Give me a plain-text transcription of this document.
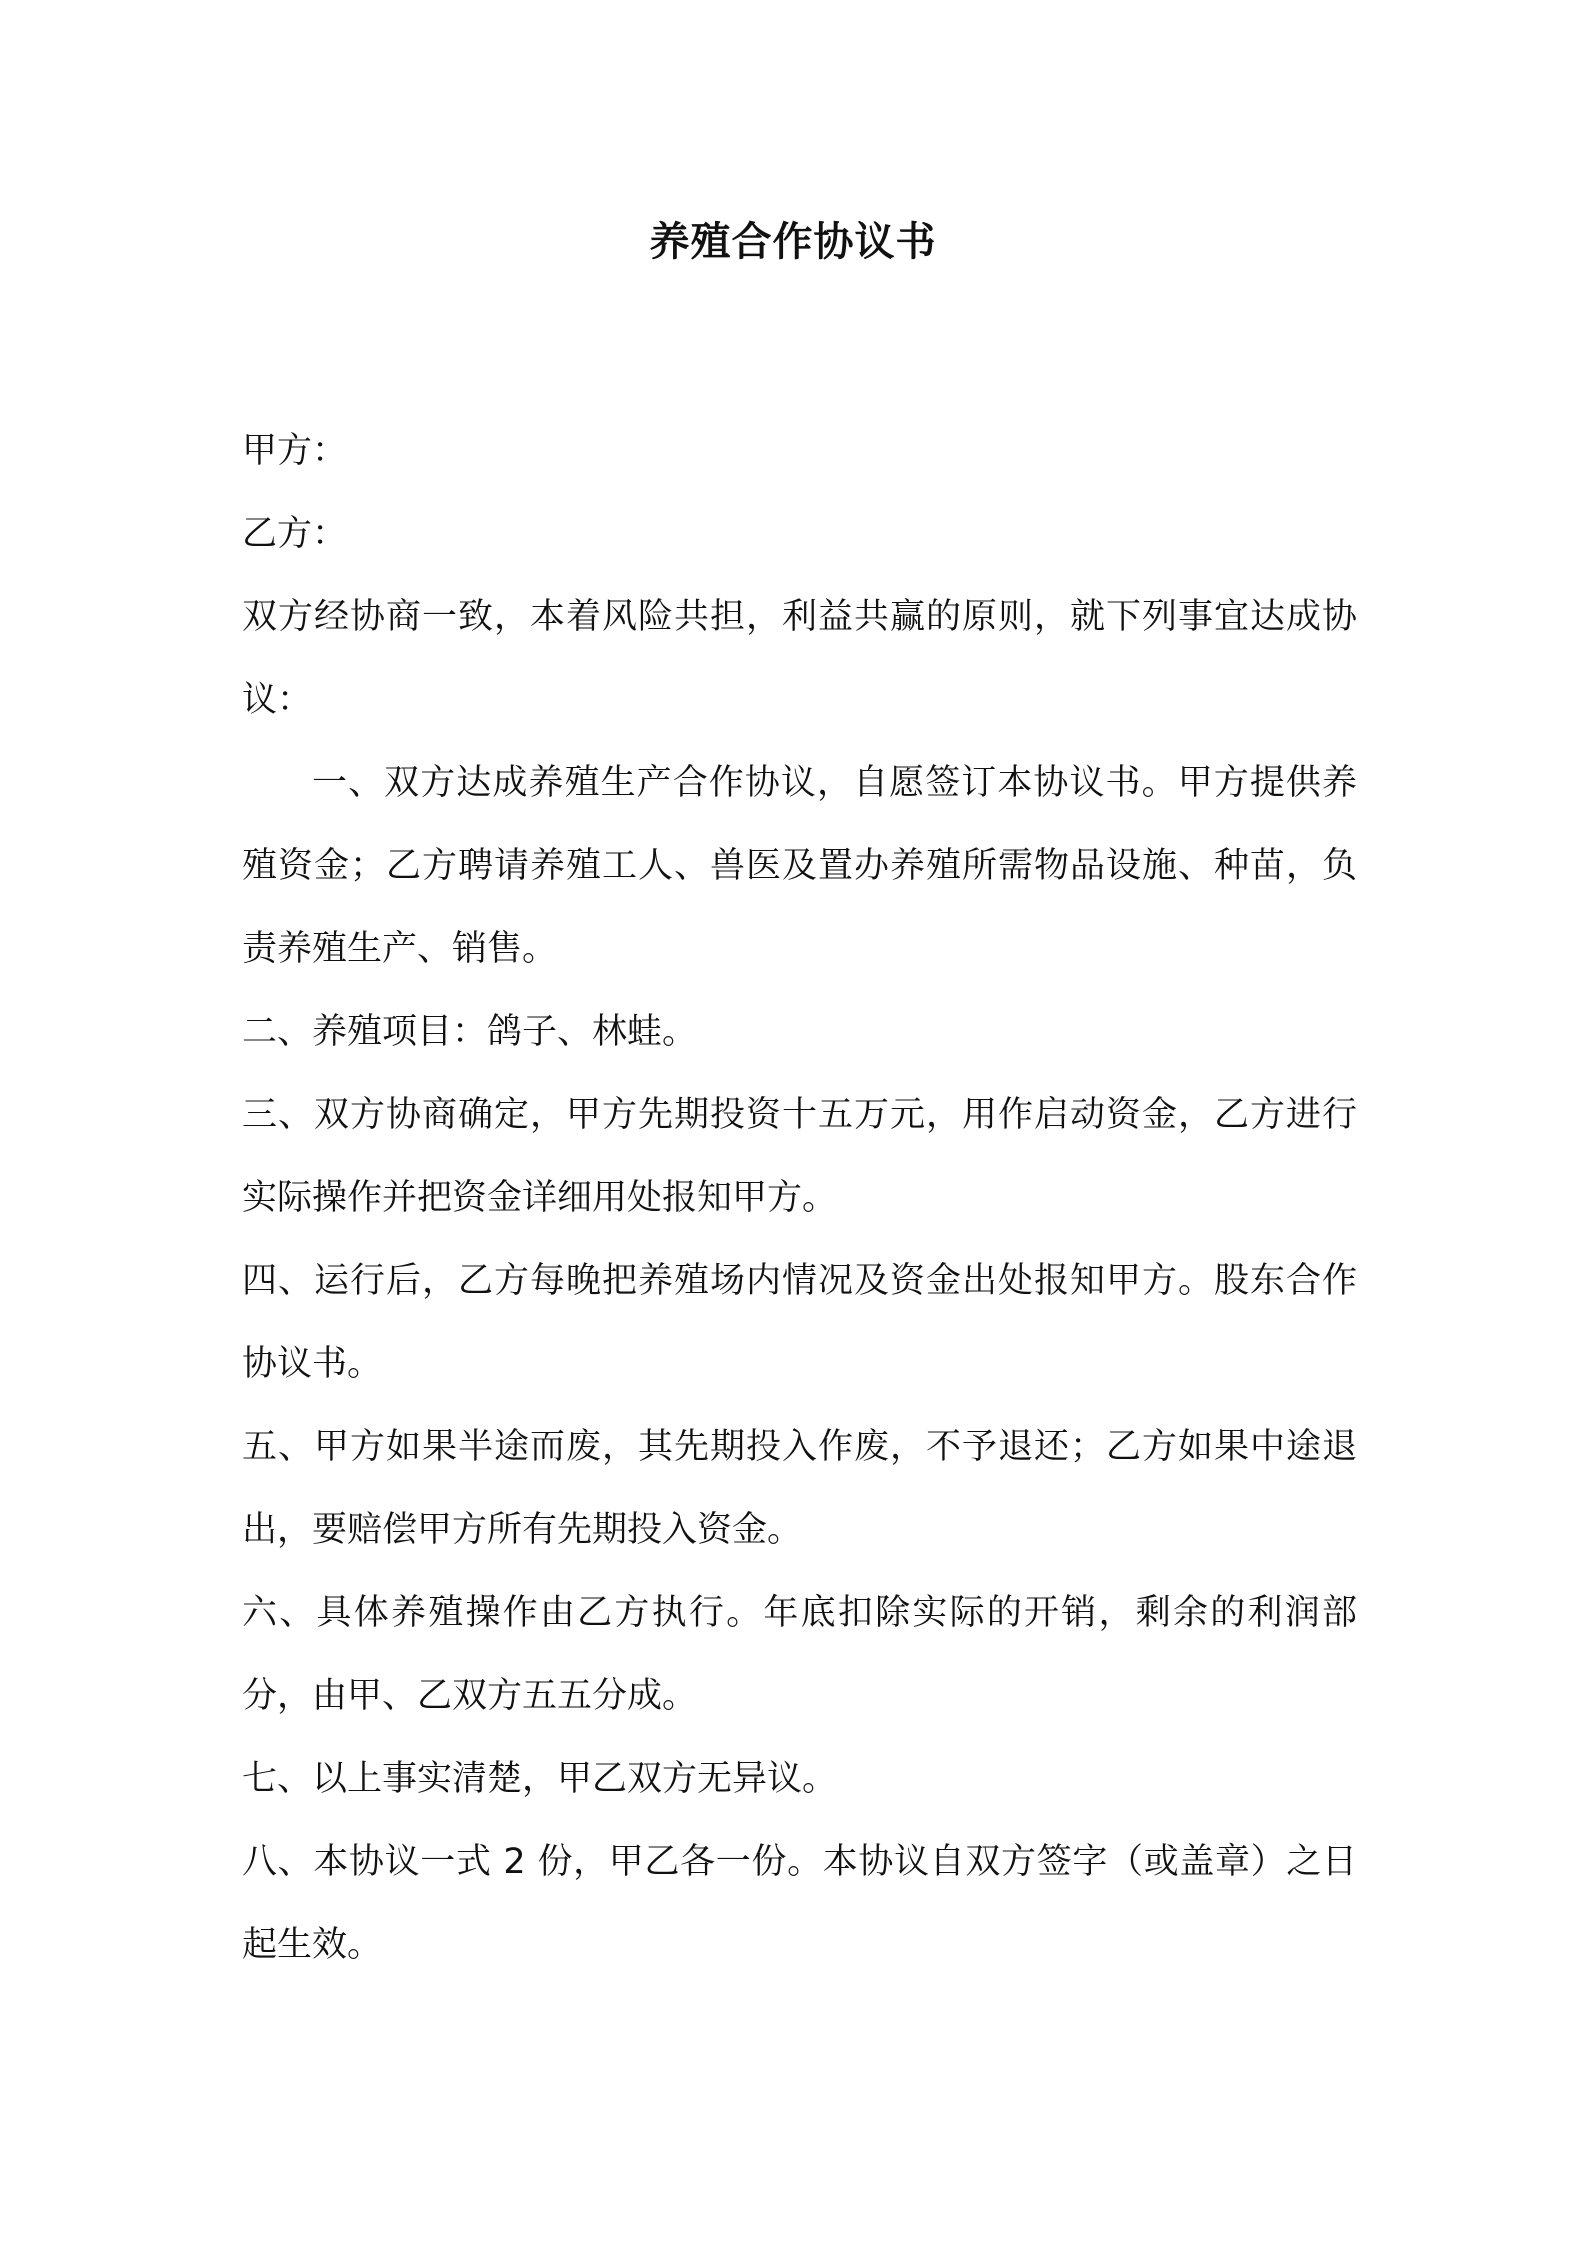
养殖合作协议书

甲方：

乙方：

双方经协商一致，本着风险共担，利益共赢的原则，就下列事宜达成协议：

一、双方达成养殖生产合作协议，自愿签订本协议书。甲方提供养殖资金；乙方聘请养殖工人、兽医及置办养殖所需物品设施、种苗，负责养殖生产、销售。

二、养殖项目：鸽子、林蛙。

三、双方协商确定，甲方先期投资十五万元，用作启动资金，乙方进行实际操作并把资金详细用处报知甲方。

四、运行后，乙方每晚把养殖场内情况及资金出处报知甲方。股东合作协议书。

五、甲方如果半途而废，其先期投入作废，不予退还；乙方如果中途退出，要赔偿甲方所有先期投入资金。

六、具体养殖操作由乙方执行。年底扣除实际的开销，剩余的利润部分，由甲、乙双方五五分成。

七、以上事实清楚，甲乙双方无异议。

八、本协议一式 2 份，甲乙各一份。本协议自双方签字（或盖章）之日起生效。
